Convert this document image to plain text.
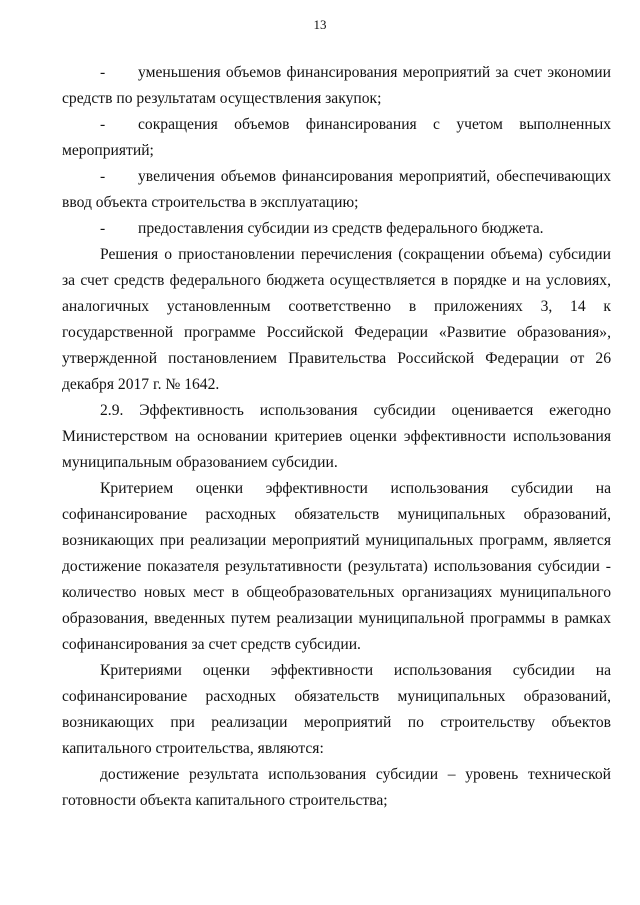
13

- уменьшения объемов финансирования мероприятий за счет экономии средств по результатам осуществления закупок;

- сокращения объемов финансирования с учетом выполненных мероприятий;

- увеличения объемов финансирования мероприятий, обеспечивающих ввод объекта строительства в эксплуатацию;

- предоставления субсидии из средств федерального бюджета.

Решения о приостановлении перечисления (сокращении объема) субсидии за счет средств федерального бюджета осуществляется в порядке и на условиях, аналогичных установленным соответственно в приложениях 3, 14 к государственной программе Российской Федерации «Развитие образования», утвержденной постановлением Правительства Российской Федерации от 26 декабря 2017 г. № 1642.

2.9. Эффективность использования субсидии оценивается ежегодно Министерством на основании критериев оценки эффективности использования муниципальным образованием субсидии.

Критерием оценки эффективности использования субсидии на софинансирование расходных обязательств муниципальных образований, возникающих при реализации мероприятий муниципальных программ, является достижение показателя результативности (результата) использования субсидии - количество новых мест в общеобразовательных организациях муниципального образования, введенных путем реализации муниципальной программы в рамках софинансирования за счет средств субсидии.

Критериями оценки эффективности использования субсидии на софинансирование расходных обязательств муниципальных образований, возникающих при реализации мероприятий по строительству объектов капитального строительства, являются:

достижение результата использования субсидии – уровень технической готовности объекта капитального строительства;
